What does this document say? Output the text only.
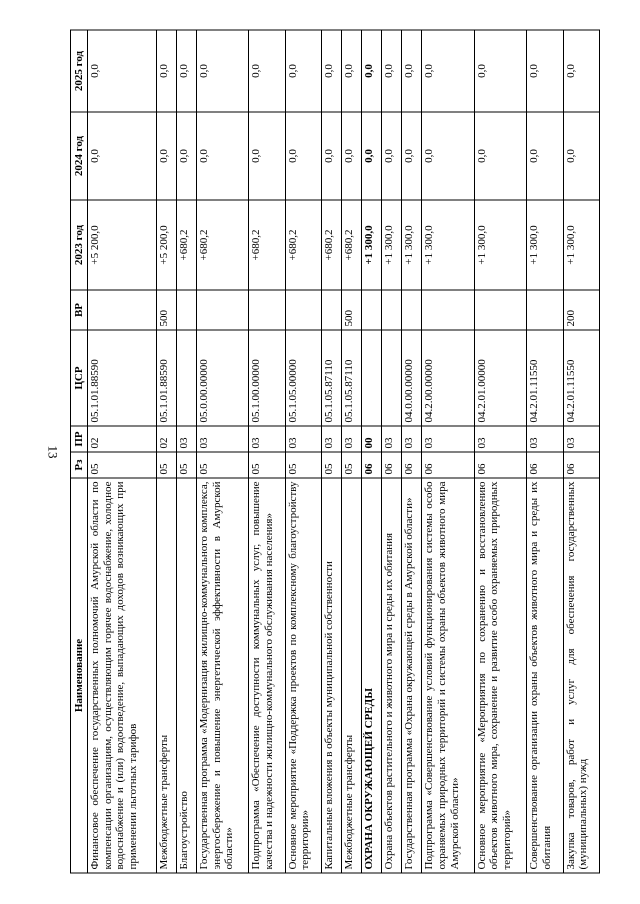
13
Наименование	Рз	ПР	ЦСР	ВР	2023 год	2024 год	2025 год
Финансовое обеспечение государственных полномочий Амурской области по компенсации организациям, осуществляющим горячее водоснабжение, холодное водоснабжение и (или) водоотведение, выпадающих доходов возникающих при применении льготных тарифов	05	02	05.1.01.88590		+5 200,0	0,0	0,0
Межбюджетные трансферты	05	02	05.1.01.88590	500	+5 200,0	0,0	0,0
Благоустройство	05	03			+680,2	0,0	0,0
Государственная программа «Модернизация жилищно-коммунального комплекса, энергосбережение и повышение энергетической эффективности в Амурской области»	05	03	05.0.00.00000		+680,2	0,0	0,0
Подпрограмма «Обеспечение доступности коммунальных услуг, повышение качества и надежности жилищно-коммунального обслуживания населения»	05	03	05.1.00.00000		+680,2	0,0	0,0
Основное мероприятие «Поддержка проектов по комплексному благоустройству территории»	05	03	05.1.05.00000		+680,2	0,0	0,0
Капитальные вложения в объекты муниципальной собственности	05	03	05.1.05.87110		+680,2	0,0	0,0
Межбюджетные трансферты	05	03	05.1.05.87110	500	+680,2	0,0	0,0
ОХРАНА ОКРУЖАЮЩЕЙ СРЕДЫ	06	00			+1 300,0	0,0	0,0
Охрана объектов растительного и животного мира и среды их обитания	06	03			+1 300,0	0,0	0,0
Государственная программа «Охрана окружающей среды в Амурской области»	06	03	04.0.00.00000		+1 300,0	0,0	0,0
Подпрограмма «Совершенствование условий функционирования системы особо охраняемых природных территорий и системы охраны объектов животного мира Амурской области»	06	03	04.2.00.00000		+1 300,0	0,0	0,0
Основное мероприятие «Мероприятия по сохранению и восстановлению объектов животного мира, сохранение и развитие особо охраняемых природных территорий»	06	03	04.2.01.00000		+1 300,0	0,0	0,0
Совершенствование организации охраны объектов животного мира и среды их обитания	06	03	04.2.01.11550		+1 300,0	0,0	0,0
Закупка товаров, работ и услуг для обеспечения государственных (муниципальных) нужд	06	03	04.2.01.11550	200	+1 300,0	0,0	0,0
